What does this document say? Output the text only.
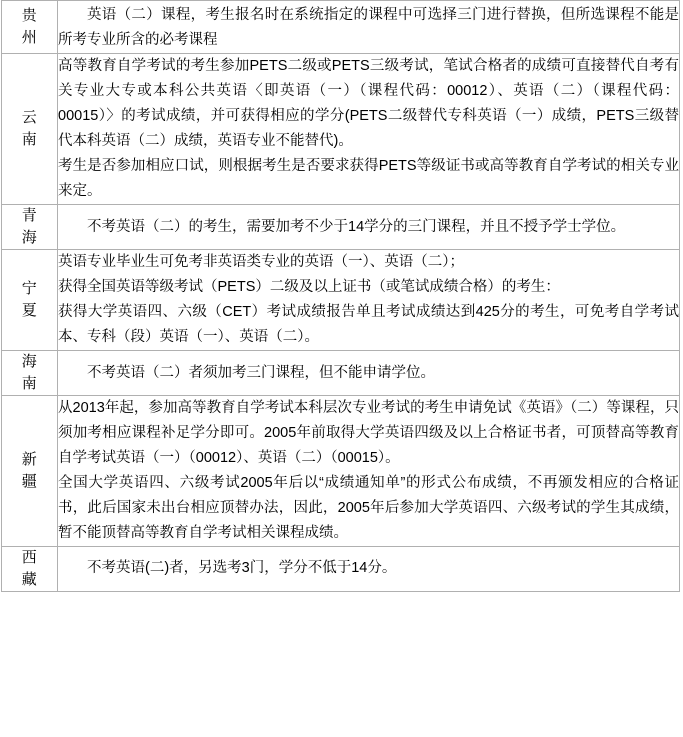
贵州	英语（二）课程，考生报名时在系统指定的课程中可选择三门进行替换，但所选课程不能是所考专业所含的必考课程

云南	高等教育自学考试的考生参加PETS二级或PETS三级考试，笔试合格者的成绩可直接替代自考有关专业大专或本科公共英语〈即英语（一）（课程代码：00012）、英语（二）（课程代码：00015）〉的考试成绩，并可获得相应的学分(PETS二级替代专科英语（一）成绩，PETS三级替代本科英语（二）成绩，英语专业不能替代)。

考生是否参加相应口试，则根据考生是否要求获得PETS等级证书或高等教育自学考试的相关专业来定。

青海	不考英语（二）的考生，需要加考不少于14学分的三门课程，并且不授予学士学位。

宁夏	英语专业毕业生可免考非英语类专业的英语（一）、英语（二）；

获得全国英语等级考试（PETS）二级及以上证书（或笔试成绩合格）的考生：

获得大学英语四、六级（CET）考试成绩报告单且考试成绩达到425分的考生，可免考自学考试本、专科（段）英语（一）、英语（二）。

海南	不考英语（二）者须加考三门课程，但不能申请学位。

新疆	从2013年起，参加高等教育自学考试本科层次专业考试的考生申请免试《英语》（二）等课程，只须加考相应课程补足学分即可。2005年前取得大学英语四级及以上合格证书者，可顶替高等教育自学考试英语（一）（00012）、英语（二）（00015）。

全国大学英语四、六级考试2005年后以“成绩通知单”的形式公布成绩，不再颁发相应的合格证书，此后国家未出台相应顶替办法，因此，2005年后参加大学英语四、六级考试的学生其成绩，暂不能顶替高等教育自学考试相关课程成绩。

西藏	不考英语(二)者，另选考3门，学分不低于14分。
